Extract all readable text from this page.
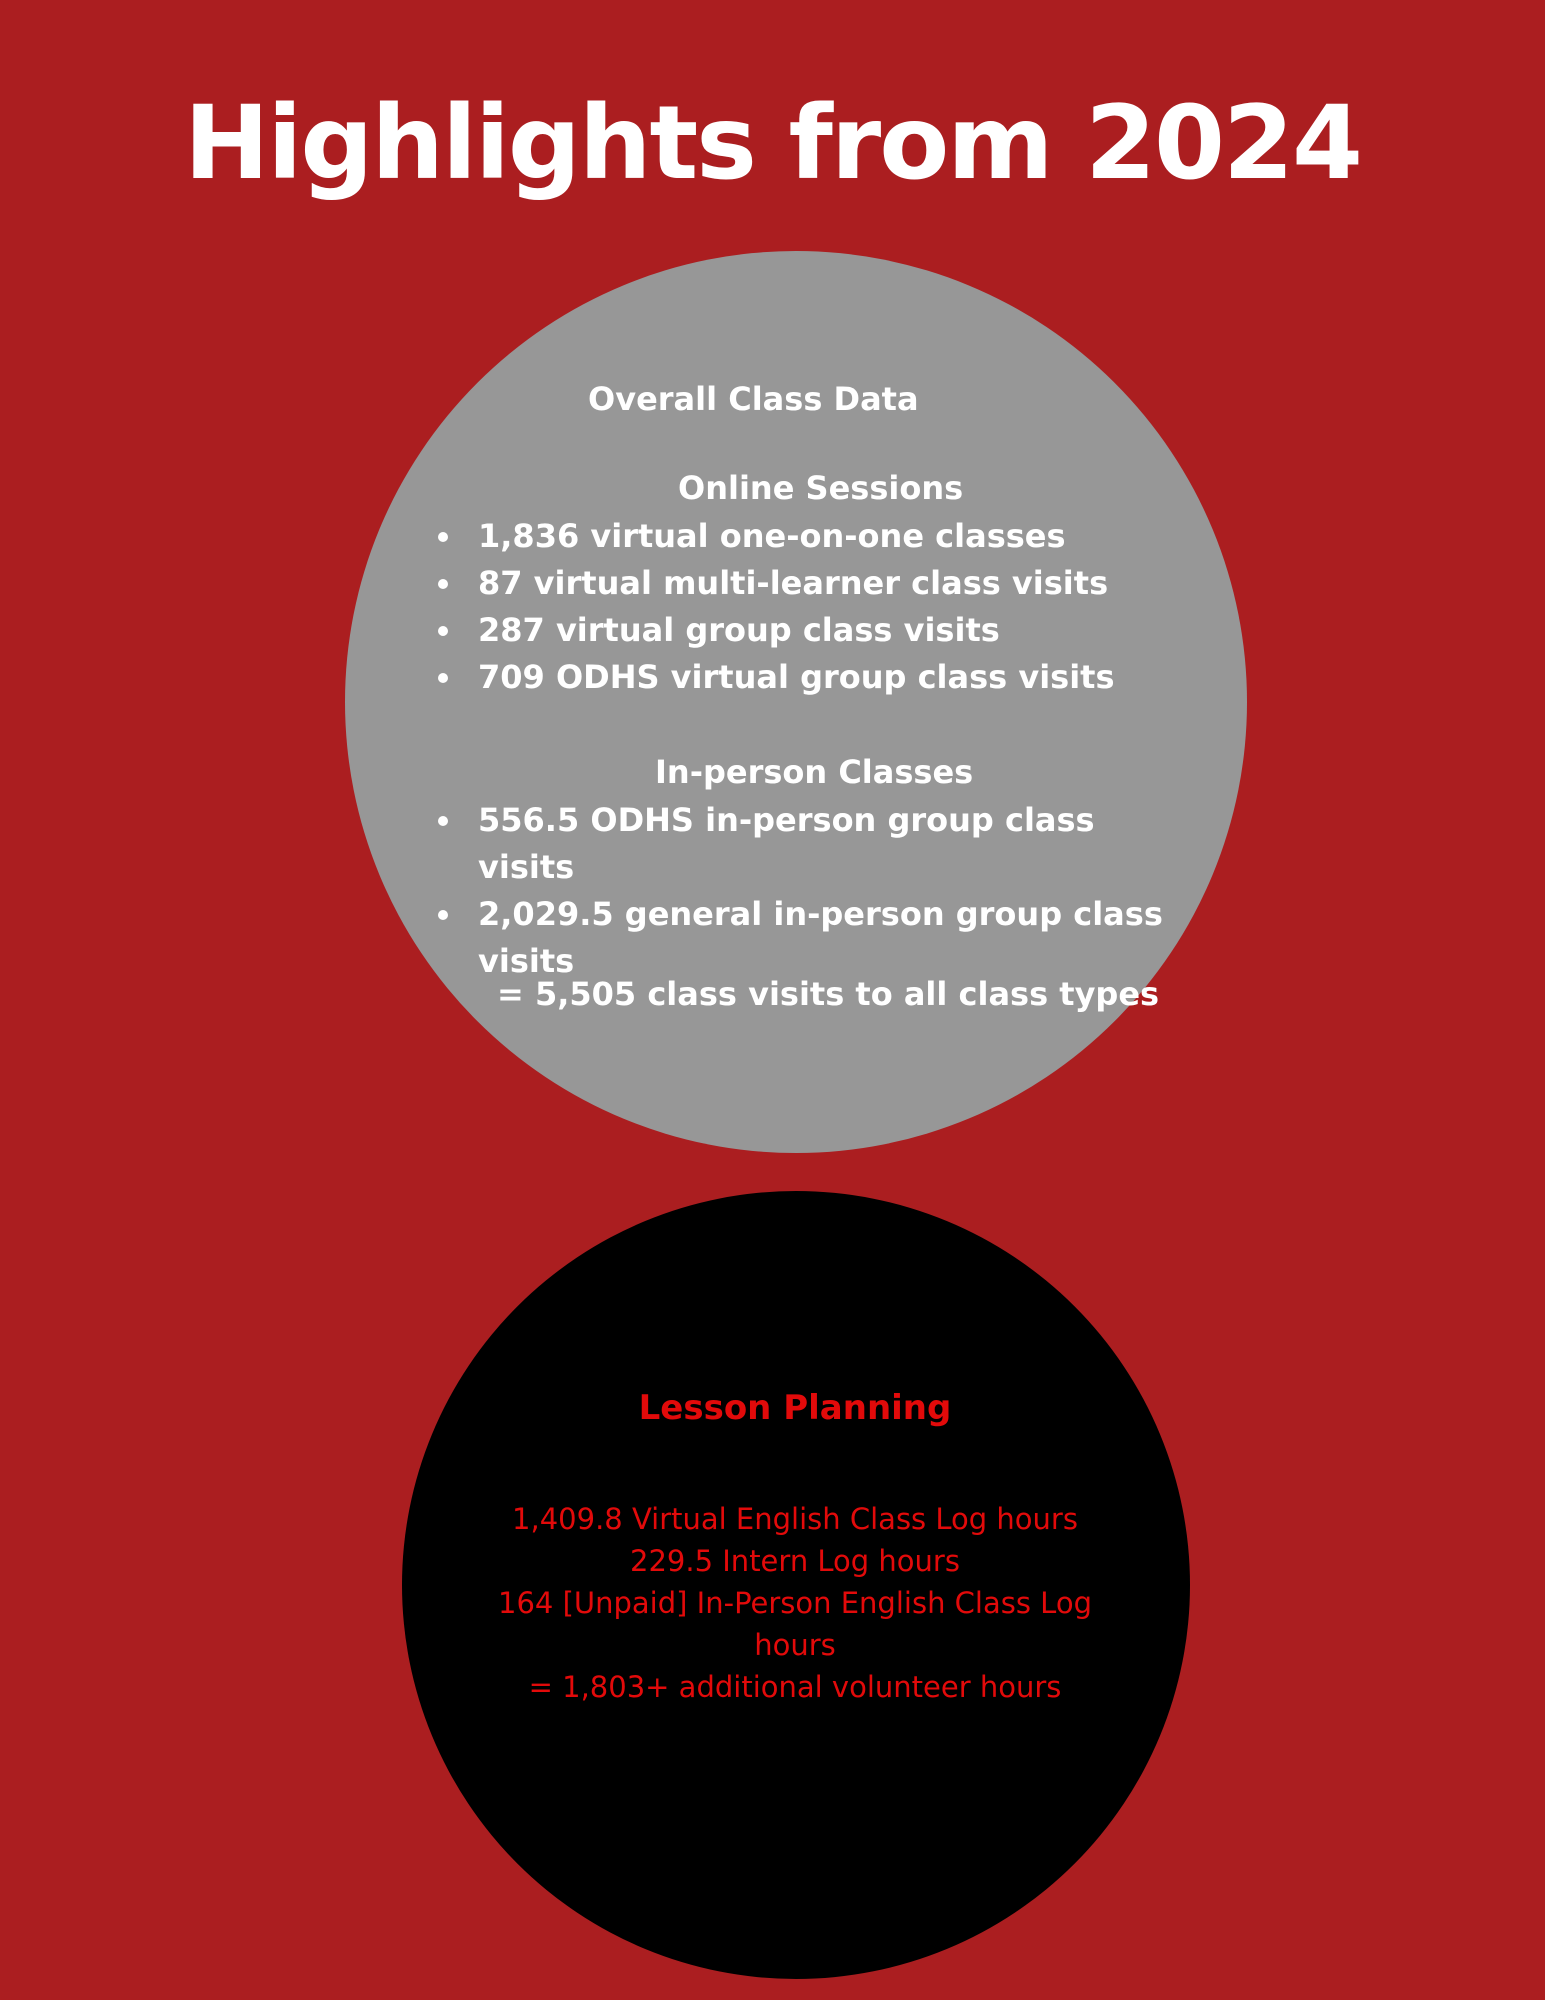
Highlights from 2024
Overall Class Data
Online Sessions
1,836 virtual one-on-one classes
87 virtual multi-learner class visits
287 virtual group class visits
709 ODHS virtual group class visits
In-person Classes
556.5 ODHS in-person group class visits
2,029.5 general in-person group class visits
= 5,505 class visits to all class types
Lesson Planning
1,409.8 Virtual English Class Log hours
229.5 Intern Log hours
164 [Unpaid] In-Person English Class Log hours
= 1,803+ additional volunteer hours
